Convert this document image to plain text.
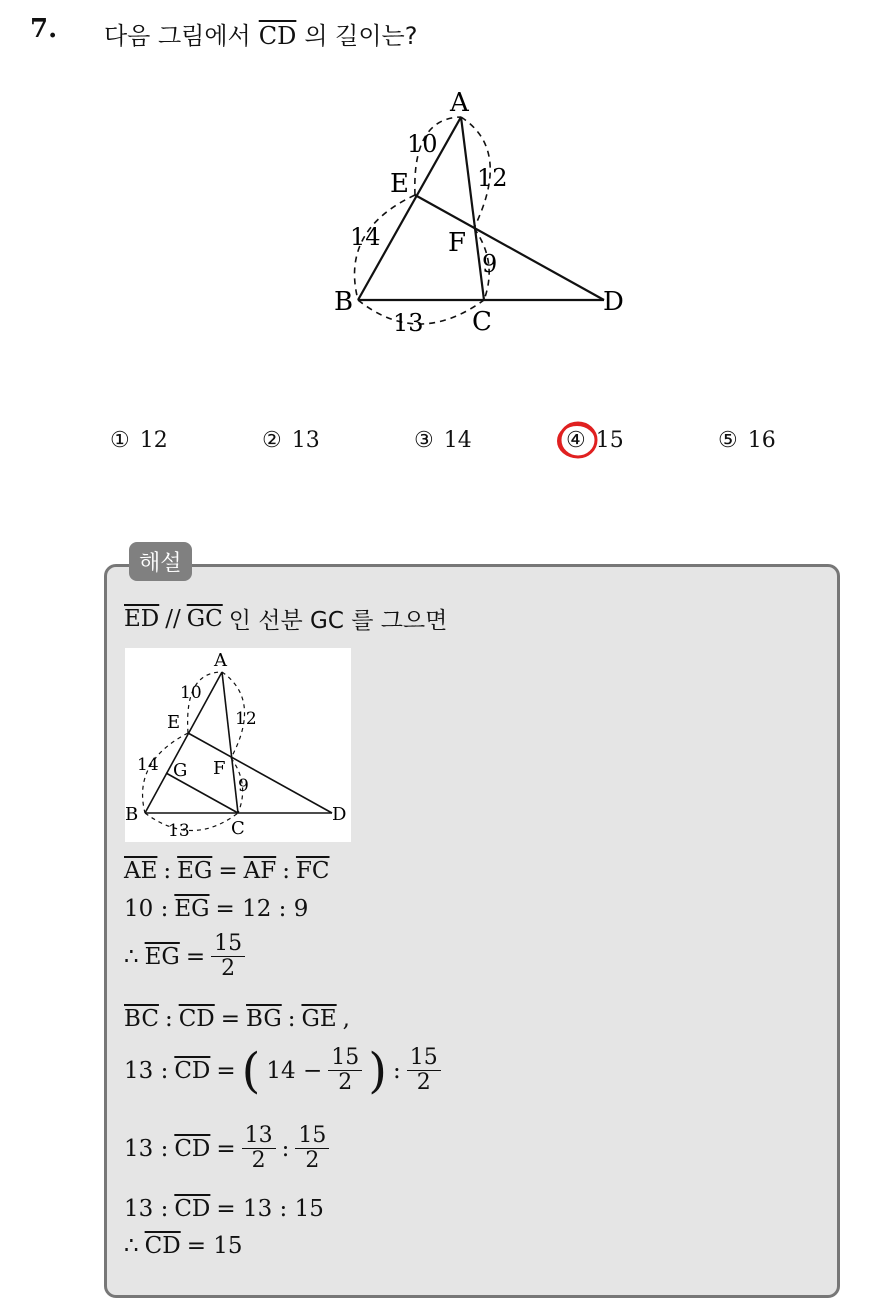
7. 다음 그림에서 $\overline{CD}$ 의 길이는?
A
E
F
B
C
D
10
12
14
9
13
① 12	② 13	③ 14	④ 15	⑤ 16
해설
$\overline{ED} // \overline{GC}$ 인 선분 GC 를 그으면
A
E
G F
B
C
D
10
12
14
9
13
$\overline{AE}$ : $\overline{EG} = \overline{AF}$ : $\overline{FC}$
10 : $\overline{EG} = 12$ : 9
∴ $\overline{EG} = \frac{15}{2}$
$\overline{BC}$ : $\overline{CD} = \overline{BG}$ : $\overline{GE}$ ,
13 : $\overline{CD}$ = ( $14 - \frac{15}{2}$ ) : $\frac{15}{2}$
13 : $\overline{CD} = \frac{13}{2}$ : $\frac{15}{2}$
13 : $\overline{CD} = 13$ : 15
∴ $\overline{CD} = 15$
